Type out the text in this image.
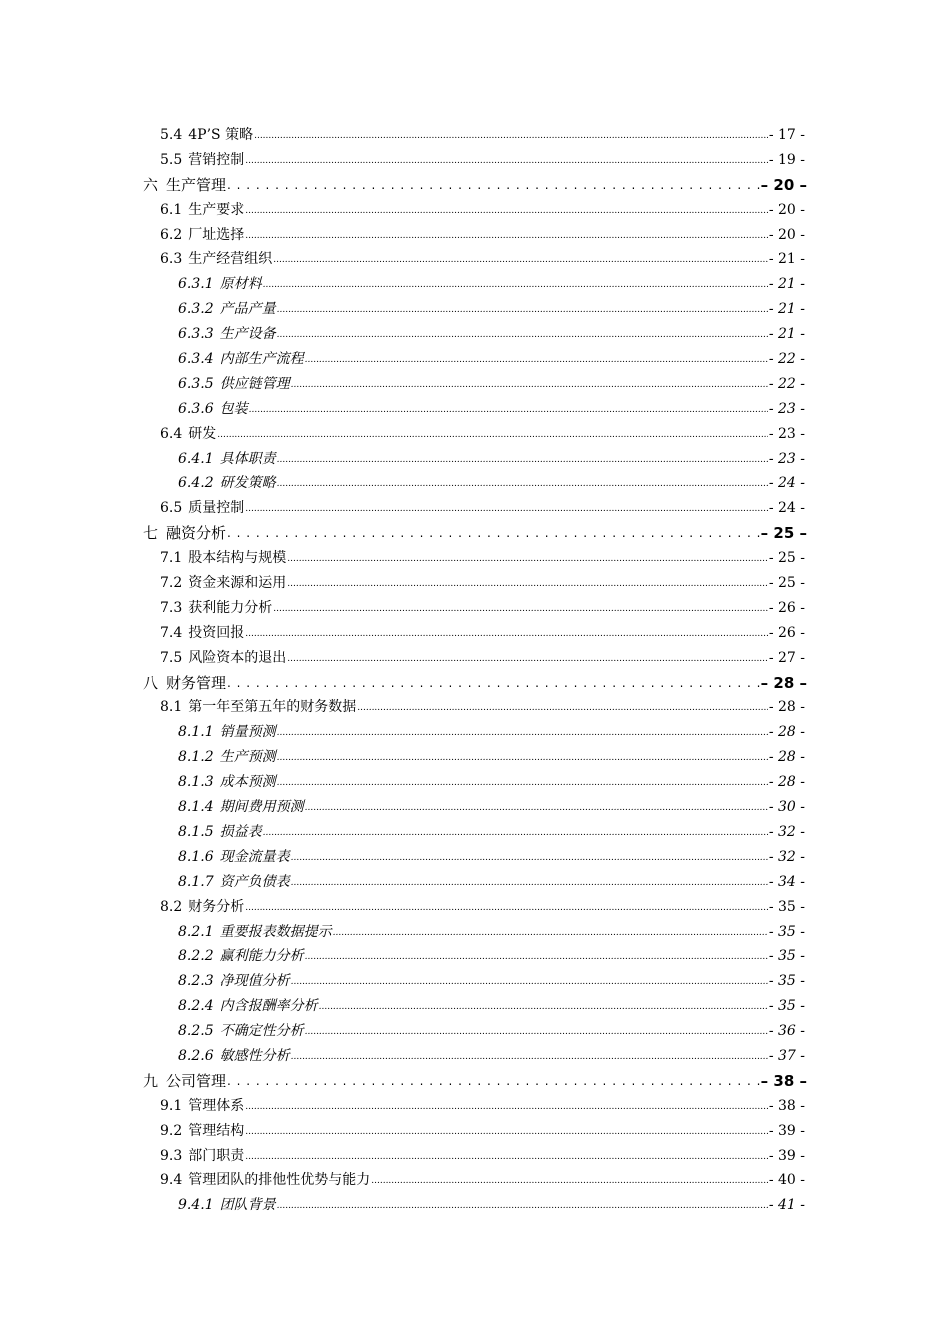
5.4 4P’S 策略 .....	- 17 -
5.5 营销控制 .....	- 19 -
六 生产管理 . . .	– 20 –
6.1 生产要求 .....	- 20 -
6.2 厂址选择 .....	- 20 -
6.3 生产经营组织 .....	- 21 -
6.3.1 原材料 .....	- 21 -
6.3.2 产品产量 .....	- 21 -
6.3.3 生产设备 .....	- 21 -
6.3.4 内部生产流程 .....	- 22 -
6.3.5 供应链管理 .....	- 22 -
6.3.6 包装 .....	- 23 -
6.4 研发 .....	- 23 -
6.4.1 具体职责 .....	- 23 -
6.4.2 研发策略 .....	- 24 -
6.5 质量控制 .....	- 24 -
七 融资分析 . . .	– 25 –
7.1 股本结构与规模 .....	- 25 -
7.2 资金来源和运用 .....	- 25 -
7.3 获利能力分析 .....	- 26 -
7.4 投资回报 .....	- 26 -
7.5 风险资本的退出 .....	- 27 -
八 财务管理 . . .	– 28 –
8.1 第一年至第五年的财务数据 .....	- 28 -
8.1.1 销量预测 .....	- 28 -
8.1.2 生产预测 .....	- 28 -
8.1.3 成本预测 .....	- 28 -
8.1.4 期间费用预测 .....	- 30 -
8.1.5 损益表 .....	- 32 -
8.1.6 现金流量表 .....	- 32 -
8.1.7 资产负债表 .....	- 34 -
8.2 财务分析 .....	- 35 -
8.2.1 重要报表数据提示 .....	- 35 -
8.2.2 赢利能力分析 .....	- 35 -
8.2.3 净现值分析 .....	- 35 -
8.2.4 内含报酬率分析 .....	- 35 -
8.2.5 不确定性分析 .....	- 36 -
8.2.6 敏感性分析 .....	- 37 -
九 公司管理 . . .	– 38 –
9.1 管理体系 .....	- 38 -
9.2 管理结构 .....	- 39 -
9.3 部门职责 .....	- 39 -
9.4 管理团队的排他性优势与能力 .....	- 40 -
9.4.1 团队背景 .....	- 41 -
